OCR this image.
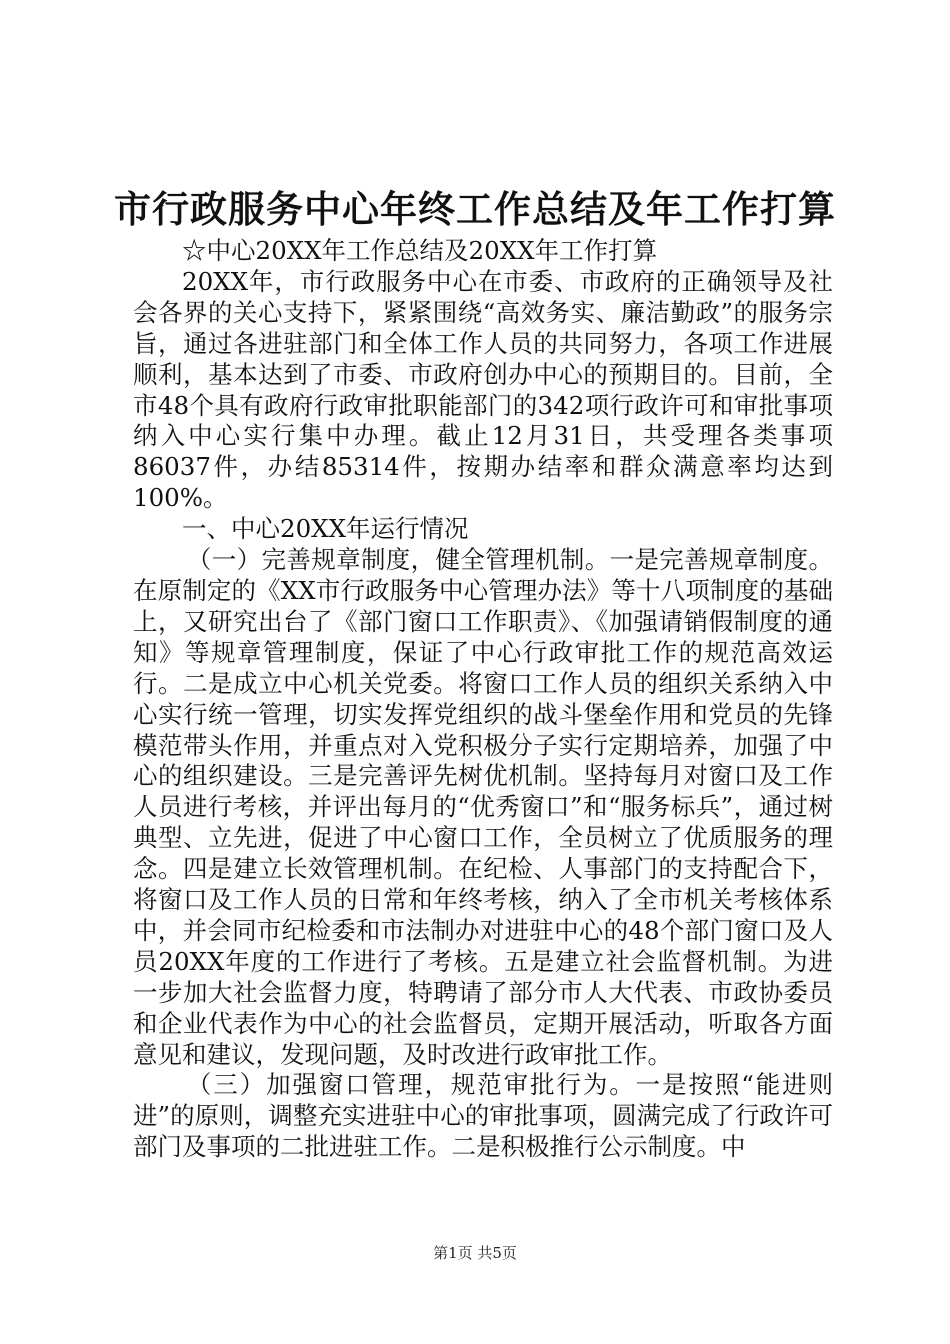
市行政服务中心年终工作总结及年工作打算

☆中心20XX年工作总结及20XX年工作打算

20XX年，市行政服务中心在市委、市政府的正确领导及社会各界的关心支持下，紧紧围绕“高效务实、廉洁勤政”的服务宗旨，通过各进驻部门和全体工作人员的共同努力，各项工作进展顺利，基本达到了市委、市政府创办中心的预期目的。目前，全市48个具有政府行政审批职能部门的342项行政许可和审批事项纳入中心实行集中办理。截止12月31日，共受理各类事项86037件，办结85314件，按期办结率和群众满意率均达到100%。

一、中心20XX年运行情况

（一）完善规章制度，健全管理机制。一是完善规章制度。在原制定的《XX市行政服务中心管理办法》等十八项制度的基础上，又研究出台了《部门窗口工作职责》、《加强请销假制度的通知》等规章管理制度，保证了中心行政审批工作的规范高效运行。二是成立中心机关党委。将窗口工作人员的组织关系纳入中心实行统一管理，切实发挥党组织的战斗堡垒作用和党员的先锋模范带头作用，并重点对入党积极分子实行定期培养，加强了中心的组织建设。三是完善评先树优机制。坚持每月对窗口及工作人员进行考核，并评出每月的“优秀窗口”和“服务标兵”，通过树典型、立先进，促进了中心窗口工作，全员树立了优质服务的理念。四是建立长效管理机制。在纪检、人事部门的支持配合下，将窗口及工作人员的日常和年终考核，纳入了全市机关考核体系中，并会同市纪检委和市法制办对进驻中心的48个部门窗口及人员20XX年度的工作进行了考核。五是建立社会监督机制。为进一步加大社会监督力度，特聘请了部分市人大代表、市政协委员和企业代表作为中心的社会监督员，定期开展活动，听取各方面意见和建议，发现问题，及时改进行政审批工作。

（三）加强窗口管理，规范审批行为。一是按照“能进则进”的原则，调整充实进驻中心的审批事项，圆满完成了行政许可部门及事项的二批进驻工作。二是积极推行公示制度。中

第1页 共5页
